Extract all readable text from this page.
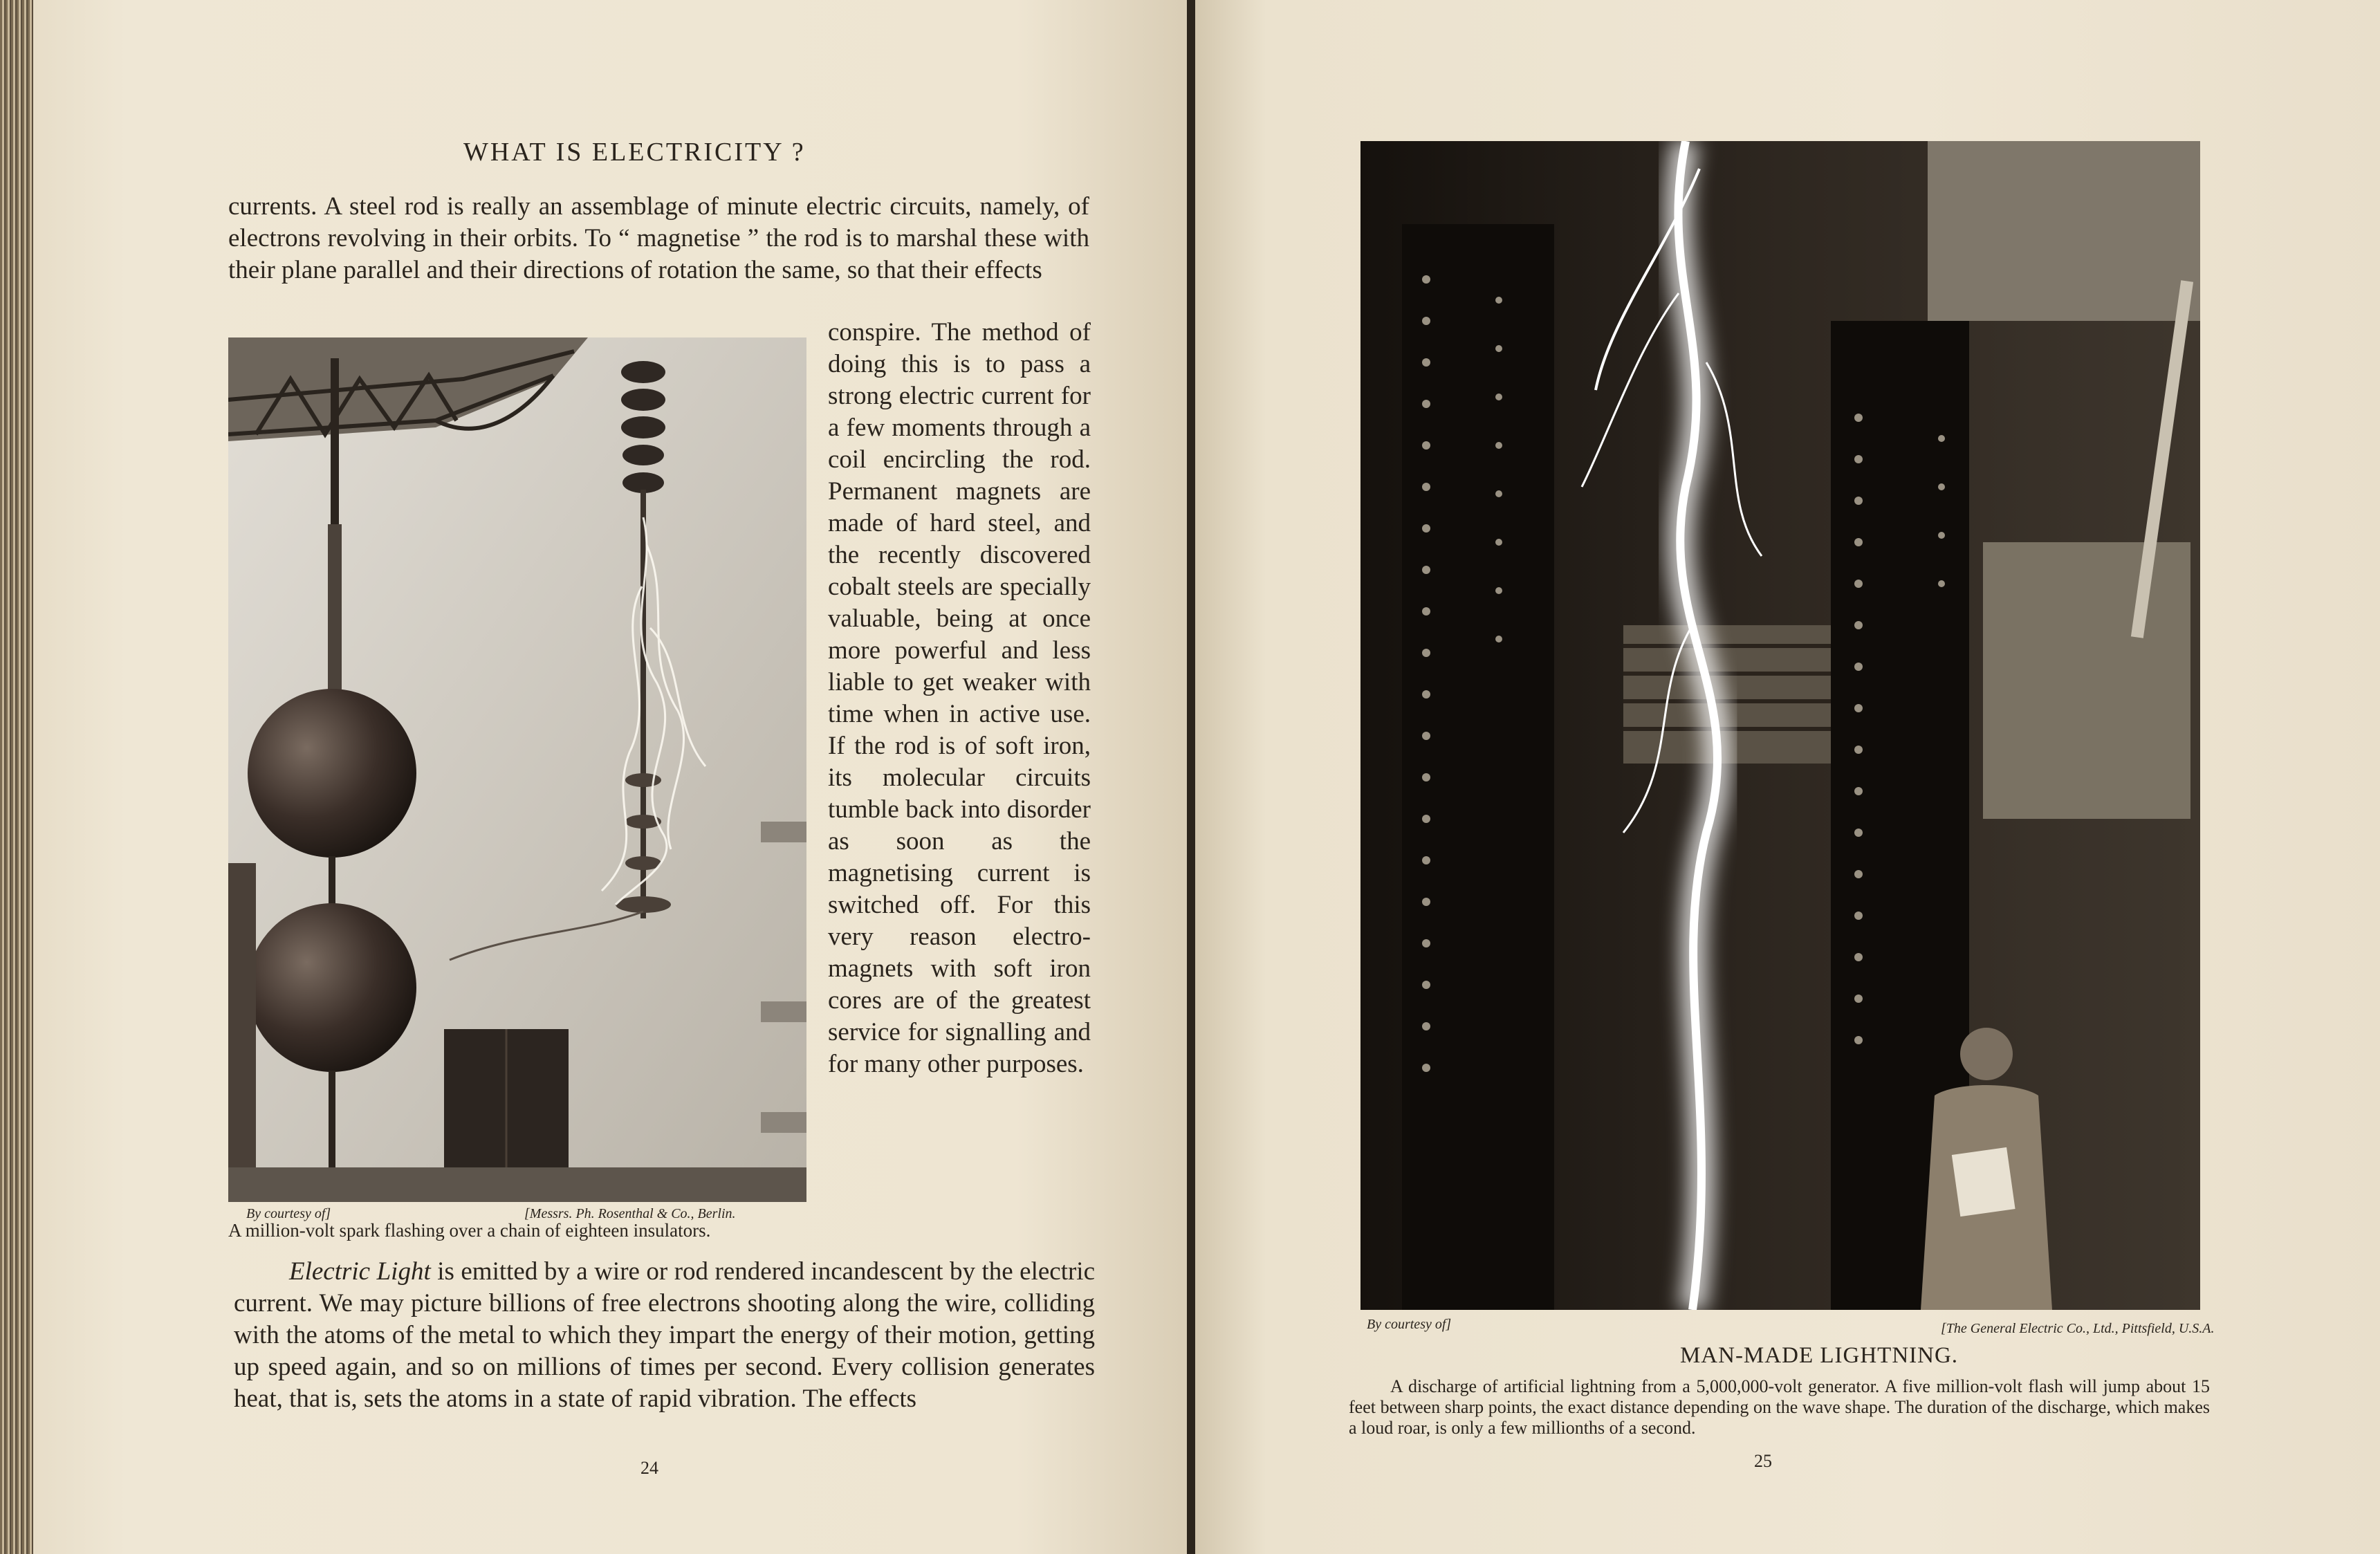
WHAT IS ELECTRICITY ?

currents. A steel rod is really an assemblage of minute electric circuits, namely, of electrons revolving in their orbits. To “ magnetise ” the rod is to marshal these with their plane parallel and their directions of rotation the same, so that their effects

By courtesy of]	[Messrs. Ph. Rosenthal & Co., Berlin.
A million-volt spark flashing over a chain of eighteen insulators.

conspire. The method of doing this is to pass a strong electric current for a few moments through a coil encircling the rod. Permanent magnets are made of hard steel, and the recently discovered cobalt steels are specially valuable, being at once more powerful and less liable to get weaker with time when in active use. If the rod is of soft iron, its molecular circuits tumble back into disorder as soon as the magnetising current is switched off. For this very reason electro-magnets with soft iron cores are of the greatest service for signalling and for many other purposes.

Electric Light is emitted by a wire or rod rendered incandescent by the electric current. We may picture billions of free electrons shooting along the wire, colliding with the atoms of the metal to which they impart the energy of their motion, getting up speed again, and so on millions of times per second. Every collision generates heat, that is, sets the atoms in a state of rapid vibration. The effects

24
By courtesy of]	[The General Electric Co., Ltd., Pittsfield, U.S.A.
MAN-MADE LIGHTNING.
A discharge of artificial lightning from a 5,000,000-volt generator. A five million-volt flash will jump about 15 feet between sharp points, the exact distance depending on the wave shape. The duration of the discharge, which makes a loud roar, is only a few millionths of a second.
25
